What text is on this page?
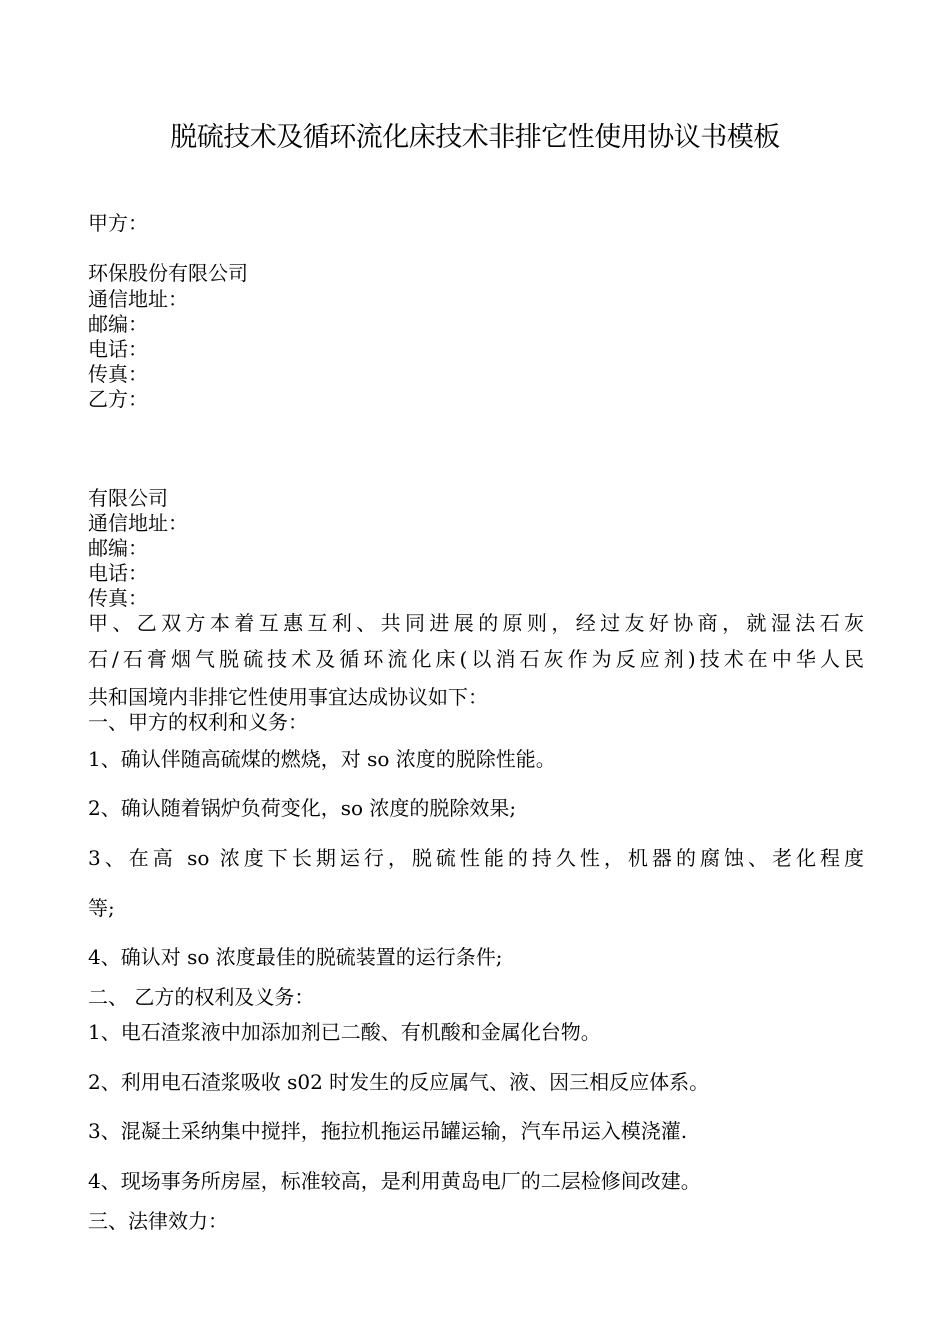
脱硫技术及循环流化床技术非排它性使用协议书模板
甲方：
环保股份有限公司
通信地址：
邮编：
电话：
传真：
乙方：
有限公司
通信地址：
邮编：
电话：
传真：
甲、乙双方本着互惠互利、共同进展的原则，经过友好协商，就湿法石灰
石/石膏烟气脱硫技术及循环流化床(以消石灰作为反应剂)技术在中华人民
共和国境内非排它性使用事宜达成协议如下：
一、甲方的权利和义务：
1、确认伴随高硫煤的燃烧，对 so 浓度的脱除性能。
2、确认随着锅炉负荷变化，so 浓度的脱除效果;
3、在高 so 浓度下长期运行，脱硫性能的持久性，机器的腐蚀、老化程度
等;
4、确认对 so 浓度最佳的脱硫装置的运行条件;
二、 乙方的权利及义务：
1、电石渣浆液中加添加剂已二酸、有机酸和金属化台物。
2、利用电石渣浆吸收 s02 时发生的反应属气、液、因三相反应体系。
3、混凝土采纳集中搅拌，拖拉机拖运吊罐运输，汽车吊运入模浇灌.
4、现场事务所房屋，标准较高，是利用黄岛电厂的二层检修间改建。
三、法律效力：
